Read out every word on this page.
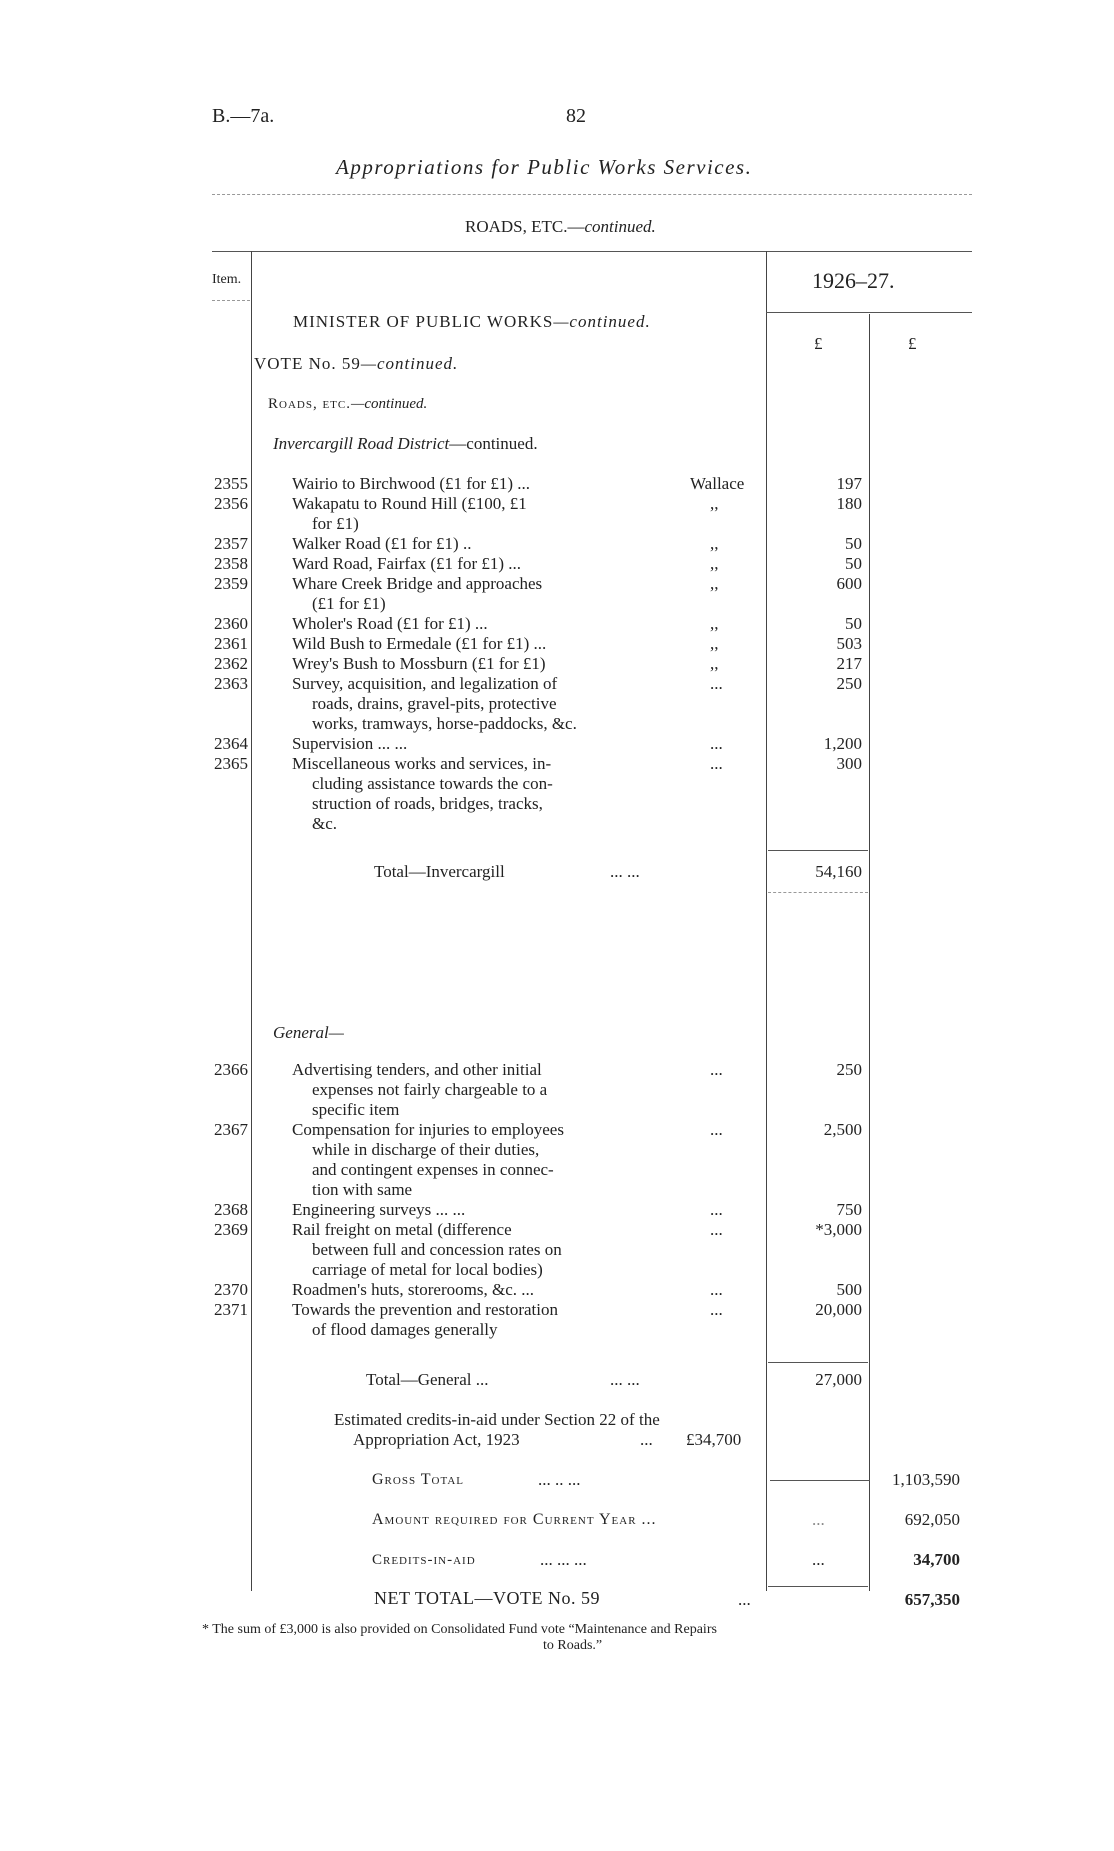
B.—7a.	82
Appropriations for Public Works Services.
ROADS, ETC.—continued.
Item.	1926–27.
£	£
MINISTER OF PUBLIC WORKS—continued.
VOTE No. 59—continued.
Roads, etc.—continued.
Invercargill Road District—continued.
2355	Wairio to Birchwood (£1 for £1) ...	Wallace	197
2356	Wakapatu to Round Hill (£100, £1
for £1)
,,	180
2357	Walker Road (£1 for £1) ..	,,	50
2358	Ward Road, Fairfax (£1 for £1) ...	,,	50
2359	Whare Creek Bridge and approaches
(£1 for £1)
,,	600
2360	Wholer's Road (£1 for £1) ...	,,	50
2361	Wild Bush to Ermedale (£1 for £1) ...	,,	503
2362	Wrey's Bush to Mossburn (£1 for £1)	,,	217
2363	Survey, acquisition, and legalization of
roads, drains, gravel-pits, protective
works, tramways, horse-paddocks, &c.
...	250
2364	Supervision ... ...	...	1,200
2365	Miscellaneous works and services, in-
cluding assistance towards the con-
struction of roads, bridges, tracks,
&c.
...	300
Total—Invercargill	... ...	54,160
General—
2366	Advertising tenders, and other initial
expenses not fairly chargeable to a
specific item
...	250
2367	Compensation for injuries to employees
while in discharge of their duties,
and contingent expenses in connec-
tion with same
...	2,500
2368	Engineering surveys ... ...	...	750
2369	Rail freight on metal (difference
between full and concession rates on
carriage of metal for local bodies)
...	*3,000
2370	Roadmen's huts, storerooms, &c. ...	...	500
2371	Towards the prevention and restoration
of flood damages generally
...	20,000
Total—General ...	... ...	27,000
Estimated credits-in-aid under Section 22 of the
Appropriation Act, 1923	... £34,700
Gross Total	... .. ...	1,103,590
Amount required for Current Year ...	...	692,050
Credits-in-aid	... ... ...	...	34,700
NET TOTAL—VOTE No. 59	...	657,350
* The sum of £3,000 is also provided on Consolidated Fund vote “Maintenance and Repairs
to Roads.”
